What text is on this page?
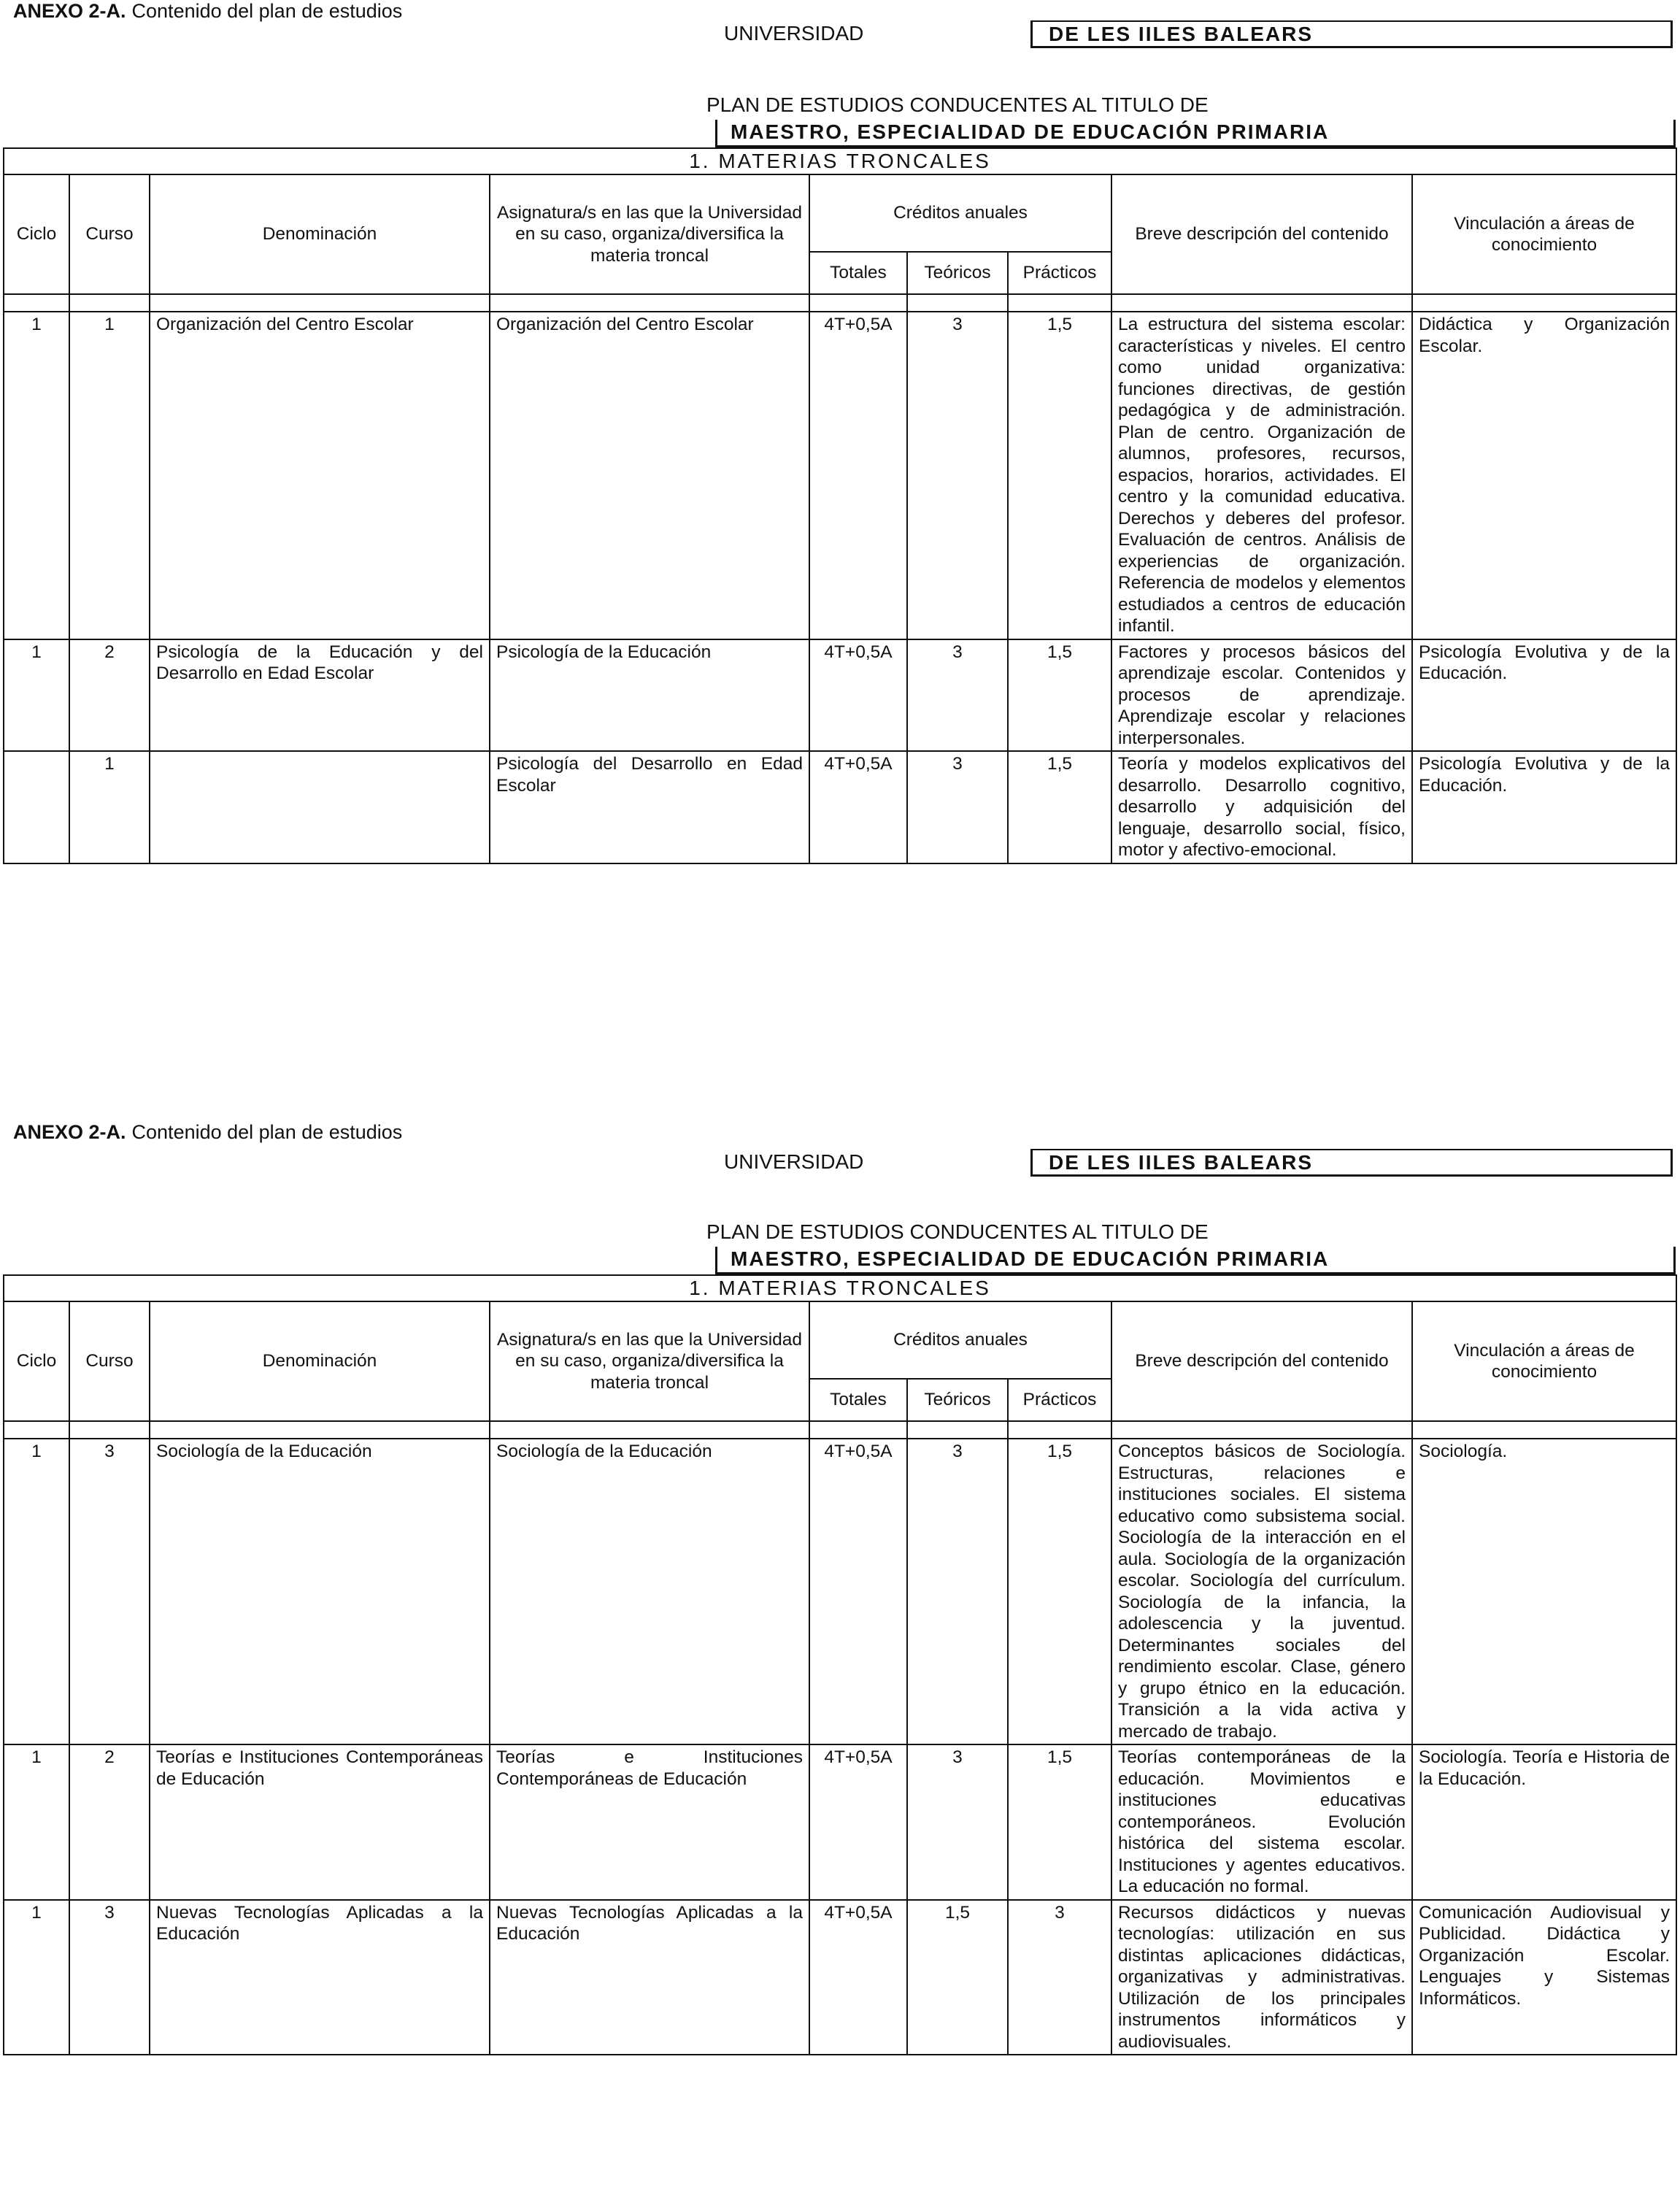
ANEXO 2-A. Contenido del plan de estudios
UNIVERSIDAD	DE LES IILES BALEARS
PLAN DE ESTUDIOS CONDUCENTES AL TITULO DE
MAESTRO, ESPECIALIDAD DE EDUCACIÓN PRIMARIA
1. MATERIAS TRONCALES								
Ciclo	Curso	Denominación	Asignatura/s en las que la Universidad en su caso, organiza/diversifica la materia troncal	Créditos anuales			Breve descripción del contenido	Vinculación a áreas de conocimiento
				Totales	Teóricos	Prácticos		

1	1	Organización del Centro Escolar	Organización del Centro Escolar	4T+0,5A	3	1,5	La estructura del sistema escolar: características y niveles. El centro como unidad organizativa: funciones directivas, de gestión pedagógica y de administración. Plan de centro. Organización de alumnos, profesores, recursos, espacios, horarios, actividades. El centro y la comunidad educativa. Derechos y deberes del profesor. Evaluación de centros. Análisis de experiencias de organización. Referencia de modelos y elementos estudiados a centros de educación infantil.	Didáctica y Organización Escolar.
1	2	Psicología de la Educación y del Desarrollo en Edad Escolar	Psicología de la Educación	4T+0,5A	3	1,5	Factores y procesos básicos del aprendizaje escolar. Contenidos y procesos de aprendizaje. Aprendizaje escolar y relaciones interpersonales.	Psicología Evolutiva y de la Educación.
	1		Psicología del Desarrollo en Edad Escolar	4T+0,5A	3	1,5	Teoría y modelos explicativos del desarrollo. Desarrollo cognitivo, desarrollo y adquisición del lenguaje, desarrollo social, físico, motor y afectivo-emocional.	Psicología Evolutiva y de la Educación.
ANEXO 2-A. Contenido del plan de estudios
UNIVERSIDAD	DE LES IILES BALEARS
PLAN DE ESTUDIOS CONDUCENTES AL TITULO DE
MAESTRO, ESPECIALIDAD DE EDUCACIÓN PRIMARIA
1. MATERIAS TRONCALES								
Ciclo	Curso	Denominación	Asignatura/s en las que la Universidad en su caso, organiza/diversifica la materia troncal	Créditos anuales			Breve descripción del contenido	Vinculación a áreas de conocimiento
				Totales	Teóricos	Prácticos		

1	3	Sociología de la Educación	Sociología de la Educación	4T+0,5A	3	1,5	Conceptos básicos de Sociología. Estructuras, relaciones e instituciones sociales. El sistema educativo como subsistema social. Sociología de la interacción en el aula. Sociología de la organización escolar. Sociología del currículum. Sociología de la infancia, la adolescencia y la juventud. Determinantes sociales del rendimiento escolar. Clase, género y grupo étnico en la educación. Transición a la vida activa y mercado de trabajo.	Sociología.
1	2	Teorías e Instituciones Contemporáneas de Educación	Teorías e Instituciones Contemporáneas de Educación	4T+0,5A	3	1,5	Teorías contemporáneas de la educación. Movimientos e instituciones educativas contemporáneos. Evolución histórica del sistema escolar. Instituciones y agentes educativos. La educación no formal.	Sociología. Teoría e Historia de la Educación.
1	3	Nuevas Tecnologías Aplicadas a la Educación	Nuevas Tecnologías Aplicadas a la Educación	4T+0,5A	1,5	3	Recursos didácticos y nuevas tecnologías: utilización en sus distintas aplicaciones didácticas, organizativas y administrativas. Utilización de los principales instrumentos informáticos y audiovisuales.	Comunicación Audiovisual y Publicidad. Didáctica y Organización Escolar. Lenguajes y Sistemas Informáticos.
